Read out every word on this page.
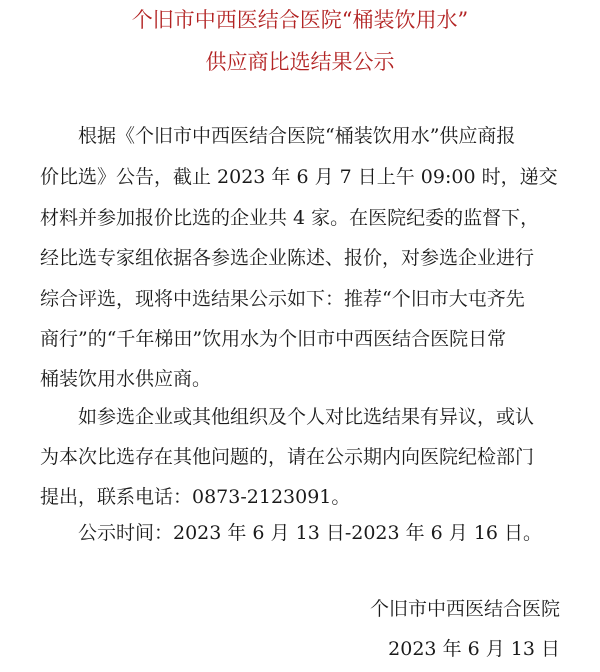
个旧市中西医结合医院“桶装饮用水”
供应商比选结果公示
根据《个旧市中西医结合医院“桶装饮用水”供应商报
价比选》公告，截止 2023 年 6 月 7 日上午 09:00 时，递交
材料并参加报价比选的企业共 4 家。在医院纪委的监督下，
经比选专家组依据各参选企业陈述、报价，对参选企业进行
综合评选，现将中选结果公示如下：推荐“个旧市大屯齐先
商行”的“千年梯田”饮用水为个旧市中西医结合医院日常
桶装饮用水供应商。
如参选企业或其他组织及个人对比选结果有异议，或认
为本次比选存在其他问题的，请在公示期内向医院纪检部门
提出，联系电话：0873-2123091。
公示时间：2023 年 6 月 13 日-2023 年 6 月 16 日。
个旧市中西医结合医院
2023 年 6 月 13 日
